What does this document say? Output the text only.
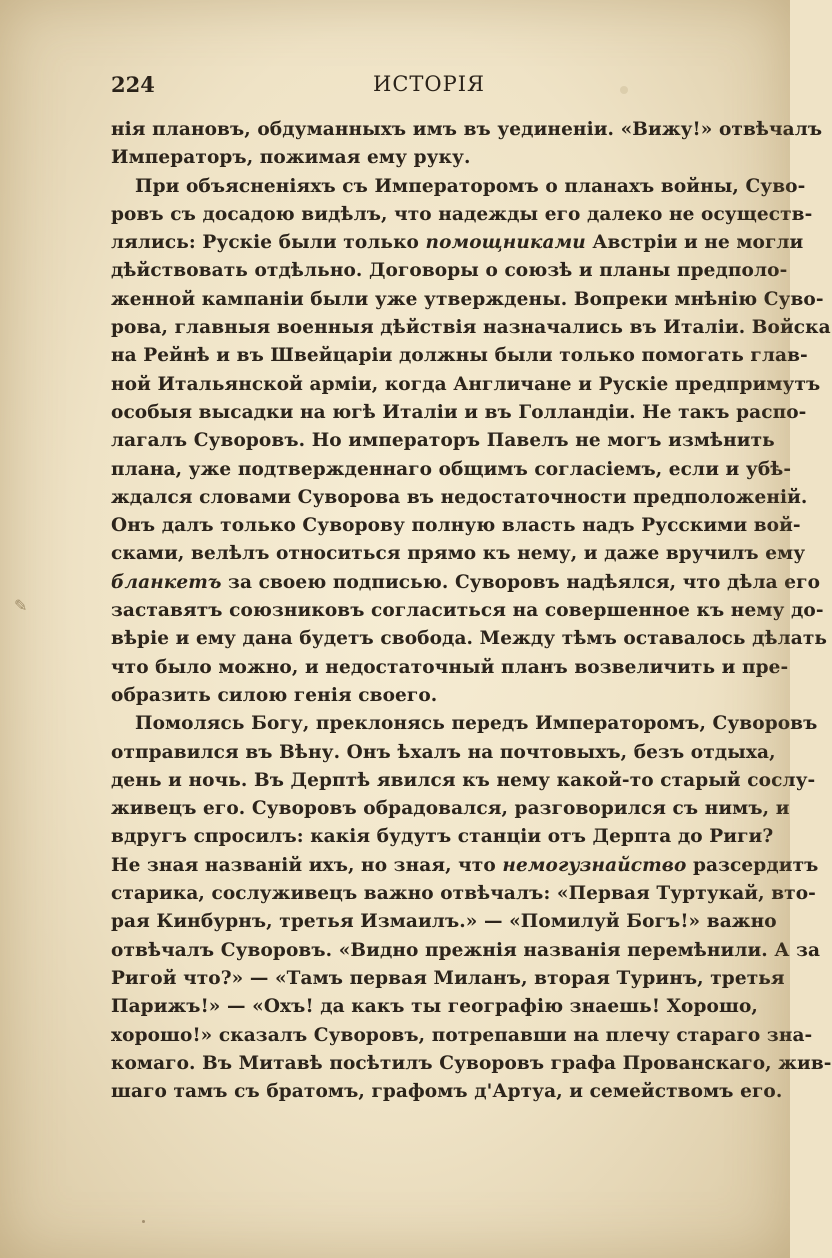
✎
224	ИСТОРІЯ
нія плановъ, обдуманныхъ имъ въ уединеніи. «Вижу!» отвѣчалъ
Императоръ, пожимая ему руку.
При объясненіяхъ съ Императоромъ о планахъ войны, Суво-
ровъ съ досадою видѣлъ, что надежды его далеко не осуществ-
лялись: Рускіе были только помощниками Австріи и не могли
дѣйствовать отдѣльно. Договоры о союзѣ и планы предполо-
женной кампаніи были уже утверждены. Вопреки мнѣнію Суво-
рова, главныя военныя дѣйствія назначались въ Италіи. Войска
на Рейнѣ и въ Швейцаріи должны были только помогать глав-
ной Итальянской арміи, когда Англичане и Рускіе предпримутъ
особыя высадки на югѣ Италіи и въ Голландіи. Не такъ распо-
лагалъ Суворовъ. Но императоръ Павелъ не могъ измѣнить
плана, уже подтвержденнаго общимъ согласіемъ, если и убѣ-
ждался словами Суворова въ недостаточности предположеній.
Онъ далъ только Суворову полную власть надъ Русскими вой-
сками, велѣлъ относиться прямо къ нему, и даже вручилъ ему
бланкетъ за своею подписью. Суворовъ надѣялся, что дѣла его
заставятъ союзниковъ согласиться на совершенное къ нему до-
вѣріе и ему дана будетъ свобода. Между тѣмъ оставалось дѣлать
что было можно, и недостаточный планъ возвеличить и пре-
образить силою генія своего.
Помолясь Богу, преклонясь передъ Императоромъ, Суворовъ
отправился въ Вѣну. Онъ ѣхалъ на почтовыхъ, безъ отдыха,
день и ночь. Въ Дерптѣ явился къ нему какой-то старый сослу-
живецъ его. Суворовъ обрадовался, разговорился съ нимъ, и
вдругъ спросилъ: какія будутъ станціи отъ Дерпта до Риги?
Не зная названій ихъ, но зная, что немогузнайство разсердитъ
старика, сослуживецъ важно отвѣчалъ: «Первая Туртукай, вто-
рая Кинбурнъ, третья Измаилъ.» — «Помилуй Богъ!» важно
отвѣчалъ Суворовъ. «Видно прежнія названія перемѣнили. А за
Ригой что?» — «Тамъ первая Миланъ, вторая Туринъ, третья
Парижъ!» — «Охъ! да какъ ты географію знаешь! Хорошо,
хорошо!» сказалъ Суворовъ, потрепавши на плечу стараго зна-
комаго. Въ Митавѣ посѣтилъ Суворовъ графа Прованскаго, жив-
шаго тамъ съ братомъ, графомъ д'Артуа, и семействомъ его.
